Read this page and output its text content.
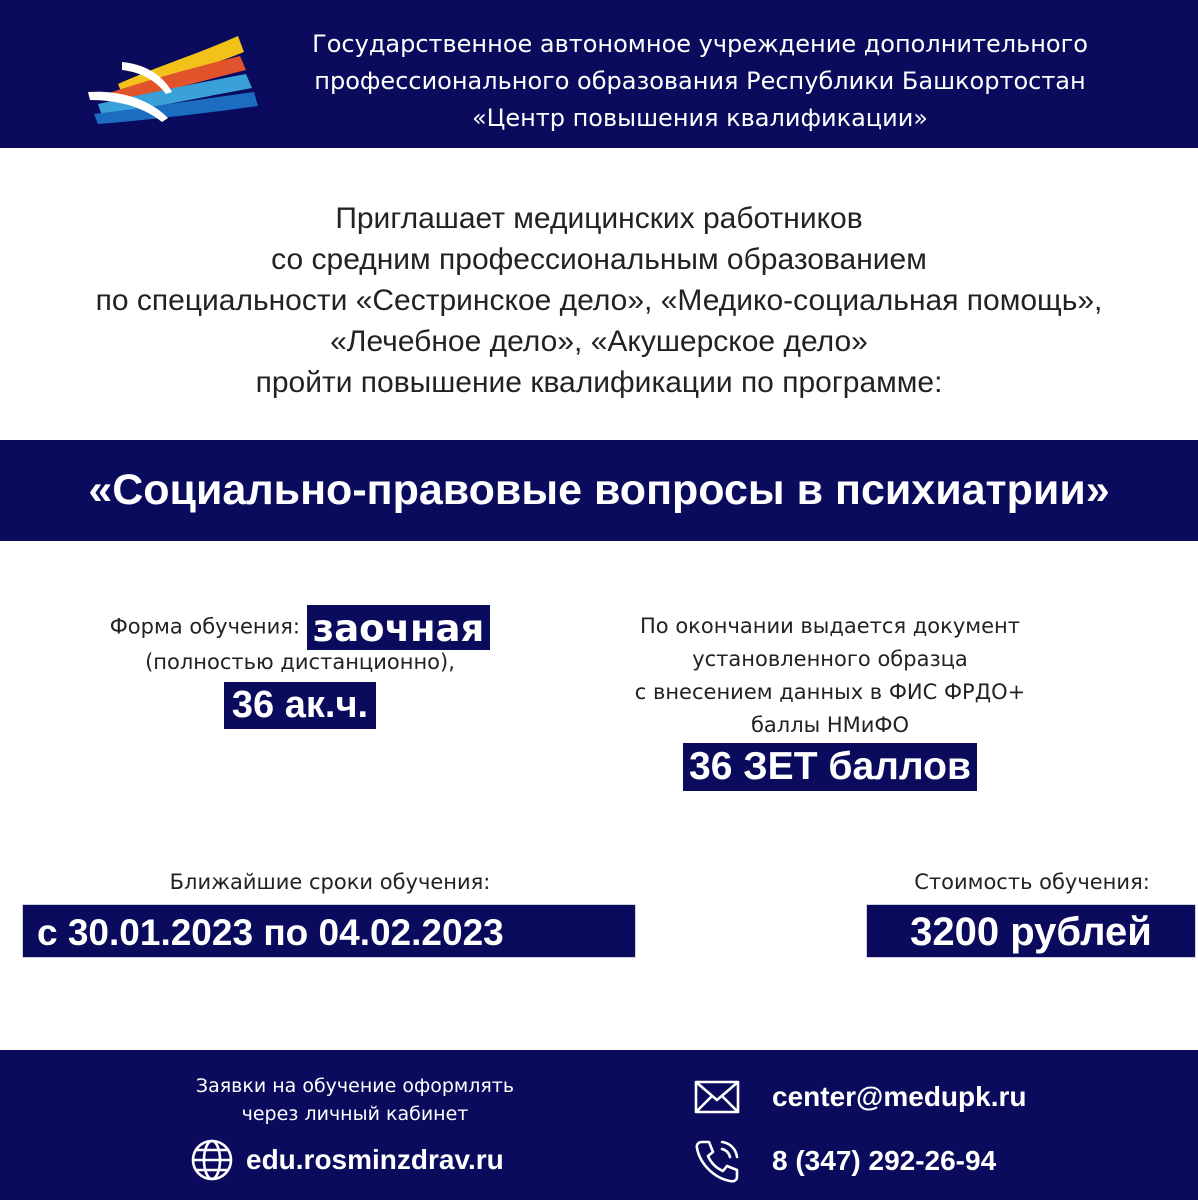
Государственное автономное учреждение дополнительного
профессионального образования Республики Башкортостан
«Центр повышения квалификации»
Приглашает медицинских работников
со средним профессиональным образованием
по специальности «Сестринское дело», «Медико-социальная помощь»,
«Лечебное дело», «Акушерское дело»
пройти повышение квалификации по программе:
«Социально-правовые вопросы в психиатрии»
Форма обучения: заочная
(полностью дистанционно),
36 ак.ч.
По окончании выдается документ
установленного образца
с внесением данных в ФИС ФРДО+
баллы НМиФО
36 ЗЕТ баллов
Ближайшие сроки обучения:
с 30.01.2023 по 04.02.2023
Стоимость обучения:
3200 рублей
Заявки на обучение оформлять
через личный кабинет
edu.rosminzdrav.ru
center@medupk.ru
8 (347) 292-26-94
